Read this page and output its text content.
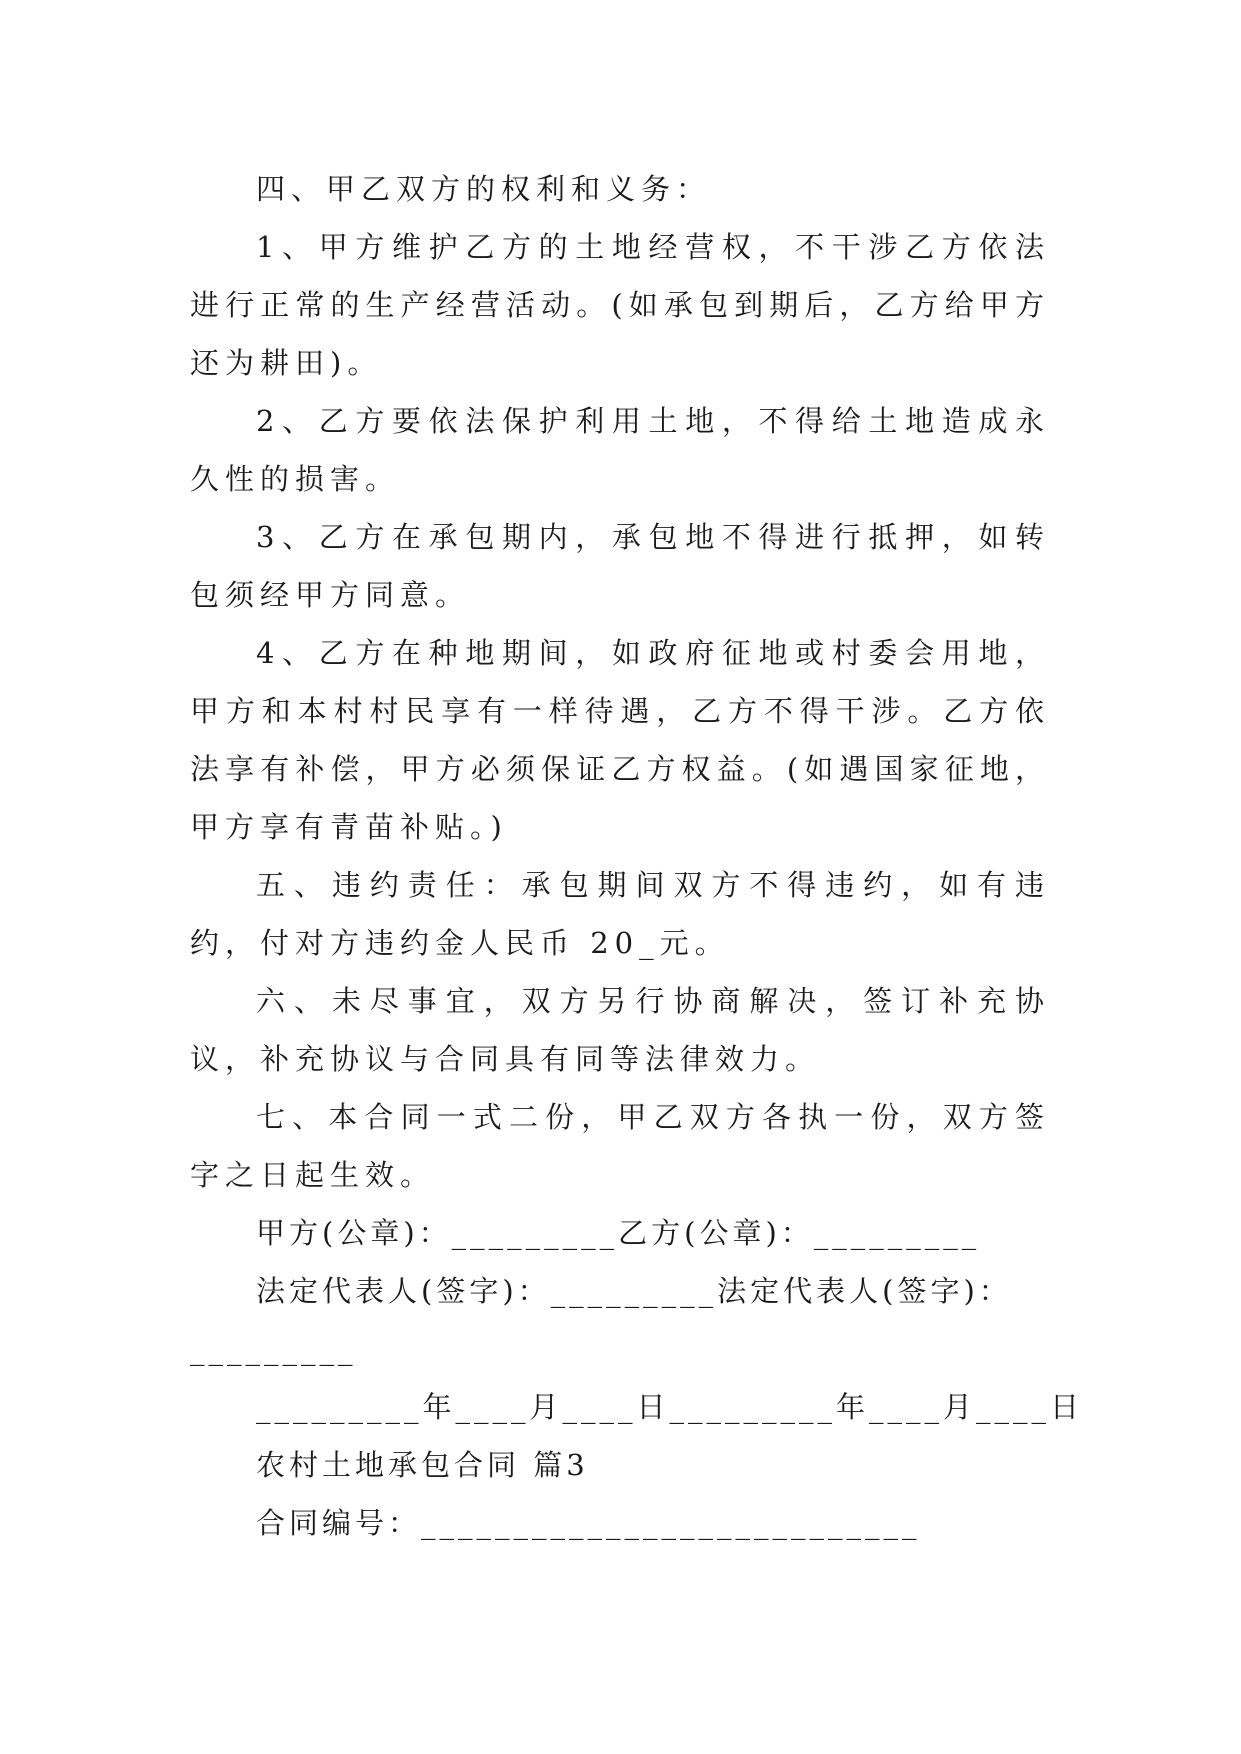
四、甲乙双方的权利和义务：

1、甲方维护乙方的土地经营权，不干涉乙方依法进行正常的生产经营活动。(如承包到期后，乙方给甲方还为耕田)。

2、乙方要依法保护利用土地，不得给土地造成永久性的损害。

3、乙方在承包期内，承包地不得进行抵押，如转包须经甲方同意。

4、乙方在种地期间，如政府征地或村委会用地，甲方和本村村民享有一样待遇，乙方不得干涉。乙方依法享有补偿，甲方必须保证乙方权益。(如遇国家征地，甲方享有青苗补贴。)

五、违约责任：承包期间双方不得违约，如有违约，付对方违约金人民币 20_元。

六、未尽事宜，双方另行协商解决，签订补充协议，补充协议与合同具有同等法律效力。

七、本合同一式二份，甲乙双方各执一份，双方签字之日起生效。

甲方(公章)：_________乙方(公章)：_________

法定代表人(签字)：_________法定代表人(签字)：

_________

_________年____月____日_________年____月____日

农村土地承包合同 篇3

合同编号：___________________________
